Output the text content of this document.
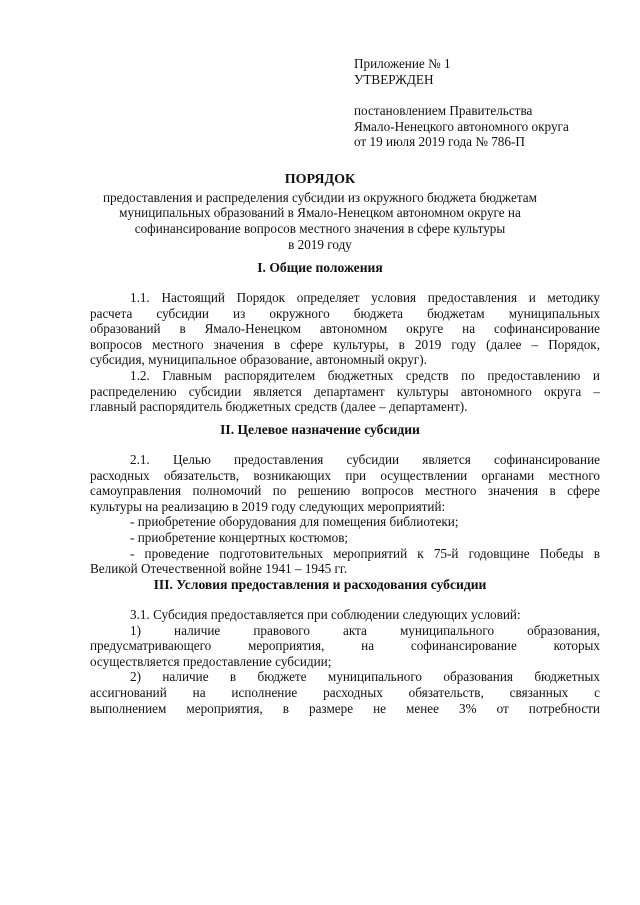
Приложение № 1
УТВЕРЖДЕН
постановлением Правительства
Ямало-Ненецкого автономного округа
от 19 июля 2019 года № 786-П
ПОРЯДОК
предоставления и распределения субсидии из окружного бюджета бюджетам
муниципальных образований в Ямало-Ненецком автономном округе на
софинансирование вопросов местного значения в сфере культуры
в 2019 году
I. Общие положения

1.1. Настоящий Порядок определяет условия предоставления и методику

расчета субсидии из окружного бюджета бюджетам муниципальных

образований в Ямало-Ненецком автономном округе на софинансирование

вопросов местного значения в сфере культуры, в 2019 году (далее – Порядок,

субсидия, муниципальное образование, автономный округ).

1.2. Главным распорядителем бюджетных средств по предоставлению и

распределению субсидии является департамент культуры автономного округа –

главный распорядитель бюджетных средств (далее – департамент).

II. Целевое назначение субсидии

2.1. Целью предоставления субсидии является софинансирование

расходных обязательств, возникающих при осуществлении органами местного

самоуправления полномочий по решению вопросов местного значения в сфере

культуры на реализацию в 2019 году следующих мероприятий:

- приобретение оборудования для помещения библиотеки;

- приобретение концертных костюмов;

- проведение подготовительных мероприятий к 75-й годовщине Победы в

Великой Отечественной войне 1941 – 1945 гг.

III. Условия предоставления и расходования субсидии

3.1. Субсидия предоставляется при соблюдении следующих условий:

1) наличие правового акта муниципального образования,

предусматривающего мероприятия, на софинансирование которых

осуществляется предоставление субсидии;

2) наличие в бюджете муниципального образования бюджетных

ассигнований на исполнение расходных обязательств, связанных с

выполнением мероприятия, в размере не менее 3% от потребности
